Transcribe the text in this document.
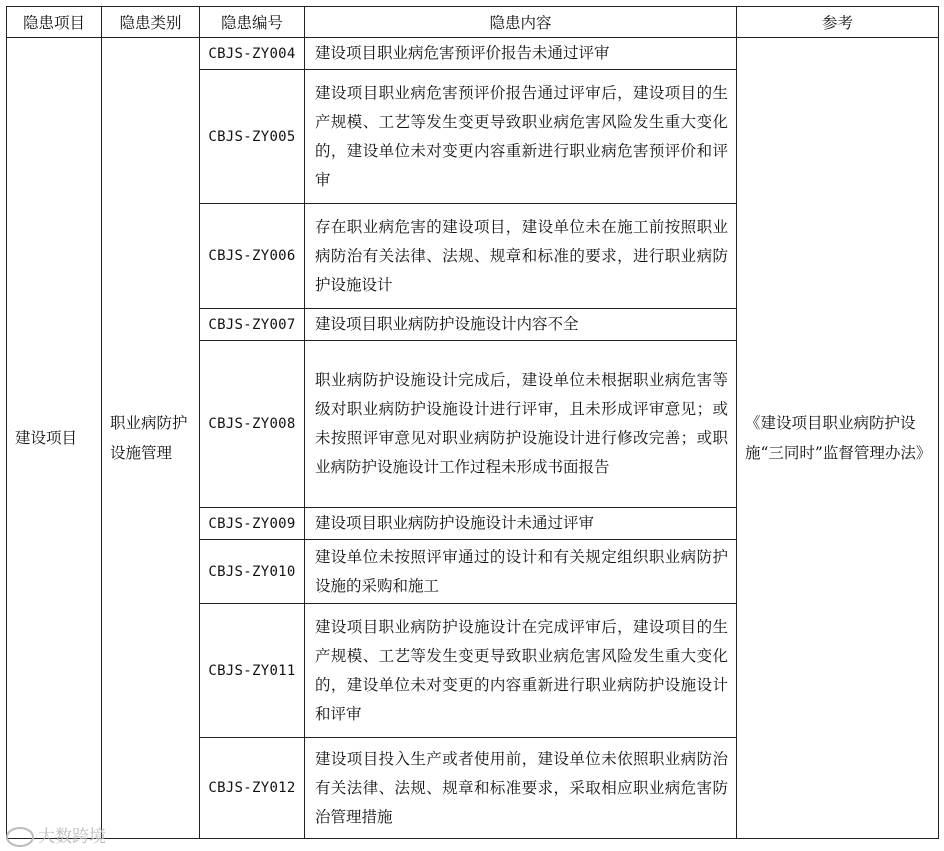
隐患项目	隐患类别	隐患编号	隐患内容	参考
建设项目	职业病防护设施管理	CBJS-ZY004	建设项目职业病危害预评价报告未通过评审	《建设项目职业病防护设施“三同时”监督管理办法》
		CBJS-ZY005	建设项目职业病危害预评价报告通过评审后，建设项目的生产规模、工艺等发生变更导致职业病危害风险发生重大变化的，建设单位未对变更内容重新进行职业病危害预评价和评审	
		CBJS-ZY006	存在职业病危害的建设项目，建设单位未在施工前按照职业病防治有关法律、法规、规章和标准的要求，进行职业病防护设施设计	
		CBJS-ZY007	建设项目职业病防护设施设计内容不全	
		CBJS-ZY008	职业病防护设施设计完成后，建设单位未根据职业病危害等级对职业病防护设施设计进行评审，且未形成评审意见；或未按照评审意见对职业病防护设施设计进行修改完善；或职业病防护设施设计工作过程未形成书面报告	
		CBJS-ZY009	建设项目职业病防护设施设计未通过评审	
		CBJS-ZY010	建设单位未按照评审通过的设计和有关规定组织职业病防护设施的采购和施工	
		CBJS-ZY011	建设项目职业病防护设施设计在完成评审后，建设项目的生产规模、工艺等发生变更导致职业病危害风险发生重大变化的，建设单位未对变更的内容重新进行职业病防护设施设计和评审	
		CBJS-ZY012	建设项目投入生产或者使用前，建设单位未依照职业病防治有关法律、法规、规章和标准要求，采取相应职业病危害防治管理措施	
大数跨境
